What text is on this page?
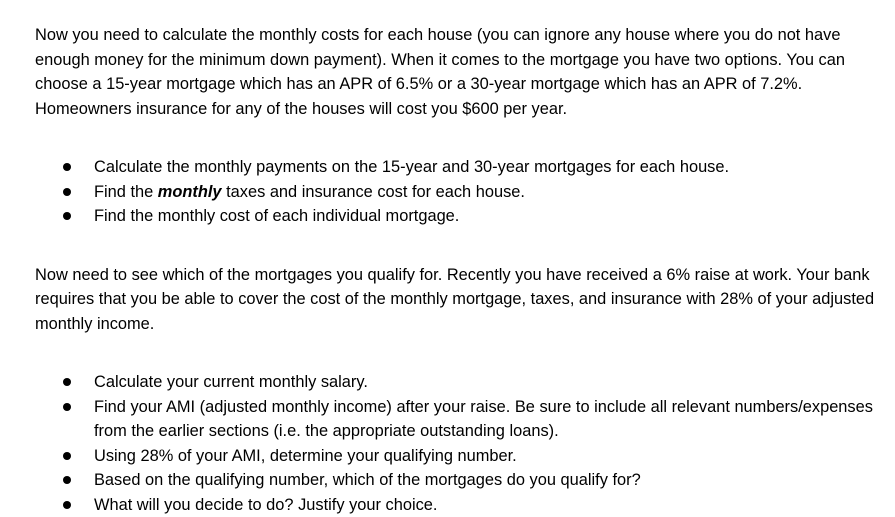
Now you need to calculate the monthly costs for each house (you can ignore any house where you do not have enough money for the minimum down payment). When it comes to the mortgage you have two options. You can choose a 15-year mortgage which has an APR of 6.5% or a 30-year mortgage which has an APR of 7.2%. Homeowners insurance for any of the houses will cost you $600 per year.

Calculate the monthly payments on the 15-year and 30-year mortgages for each house.
Find the monthly taxes and insurance cost for each house.
Find the monthly cost of each individual mortgage.

Now need to see which of the mortgages you qualify for. Recently you have received a 6% raise at work. Your bank requires that you be able to cover the cost of the monthly mortgage, taxes, and insurance with 28% of your adjusted monthly income.

Calculate your current monthly salary.
Find your AMI (adjusted monthly income) after your raise. Be sure to include all relevant numbers/expenses from the earlier sections (i.e. the appropriate outstanding loans).
Using 28% of your AMI, determine your qualifying number.
Based on the qualifying number, which of the mortgages do you qualify for?
What will you decide to do? Justify your choice.
